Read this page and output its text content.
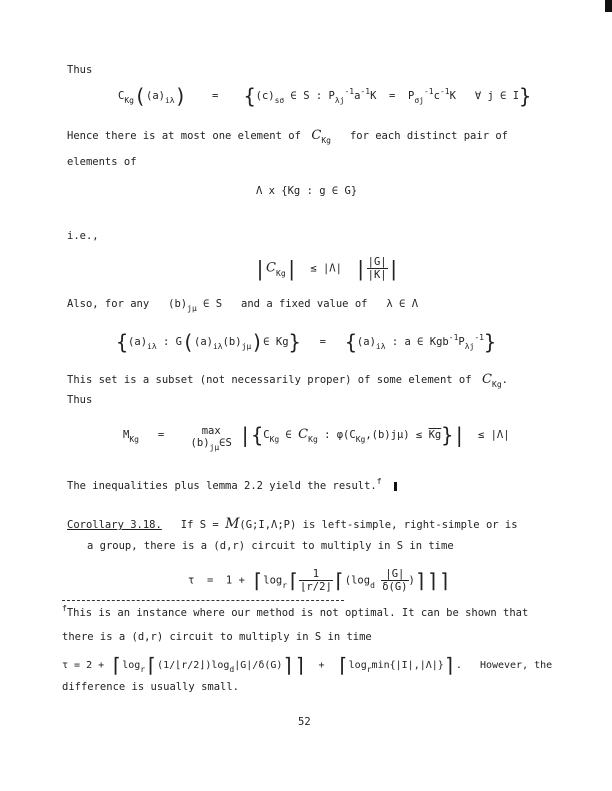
Thus
$C_{Kg}((a)_{i\lambda})$    =    {$(c)_{s\sigma}$ ∈ S : $P_{\lambda j}^{-1}a^{-1}K = P_{\sigma j}^{-1}c^{-1}K$   ∀ j ∈ I}
Hence there is at most one element of  $C_{Kg}$ for each distinct pair of
elements of
Λ x {Kg : g ∈ G}
i.e.,
$|C_{Kg}| \le |\Lambda|$  | $\frac{|G|}{|K|}$ |
Also, for any   $(b)_{j\mu}$ ∈ S   and a fixed value of   λ ∈ Λ
{$(a)_{i\lambda}$ : $G((a)_{i\lambda}(b)_{j\mu})\in$ $Kg\} = \{(a)_{i\lambda}$ : a ∈ $Kgb^{-1}P_{\lambda j}^{-1}$}
This set is a subset (not necessarily proper) of some element of  $C_{Kg}$.
Thus
$M_{Kg}$   =	max
$(b)_{j\mu}\in S$ $|\{C_{Kg}$ ∈ $C_{Kg}$ : $\varphi(C_{Kg},(b)j\mu) \le \overline{Kg}\}| \le |\Lambda|$
The inequalities plus lemma 2.2 yield the result.$^f$
Corollary 3.18. If S = M(G;I,Λ;P) is left-simple, right-simple or is
a group, there is a (d,r) circuit to multiply in S in time
$\tau = 1 + ⌈\log_r⌈ \frac{1}{⌊r/2⌋}$ $⌈(\log_d \frac{|G|}{\delta(G)}$ )⌉⌉⌉
$^f$This is an instance where our method is not optimal. It can be shown that
there is a (d,r) circuit to multiply in S in time
$\tau = 2 + ⌈\log_r⌈(1/⌊r/2⌋)\log_d|G|/\delta(G)⌉⌉$  +  $⌈\log_r\min\{|I|,|\Lambda|\}⌉$.   However, the
difference is usually small.
52
